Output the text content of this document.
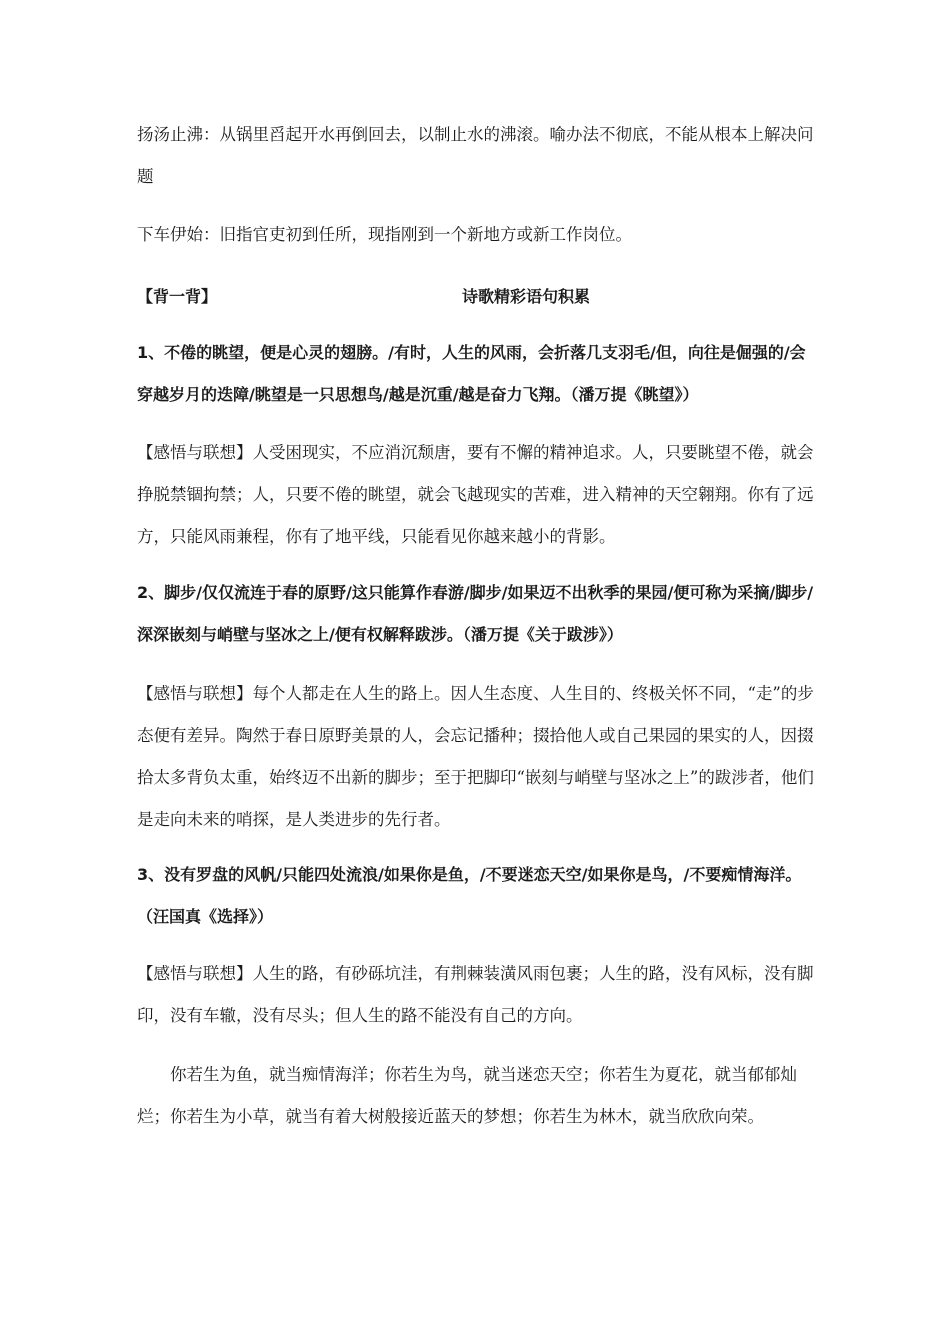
扬汤止沸：从锅里舀起开水再倒回去，以制止水的沸滚。喻办法不彻底，不能从根本上解决问题

下车伊始：旧指官吏初到任所，现指刚到一个新地方或新工作岗位。

【背一背】	诗歌精彩语句积累

1、不倦的眺望，便是心灵的翅膀。/有时，人生的风雨，会折落几支羽毛/但，向往是倔强的/会穿越岁月的迭障/眺望是一只思想鸟/越是沉重/越是奋力飞翔。（潘万提《眺望》）

【感悟与联想】人受困现实，不应消沉颓唐，要有不懈的精神追求。人，只要眺望不倦，就会挣脱禁锢拘禁；人，只要不倦的眺望，就会飞越现实的苦难，进入精神的天空翱翔。你有了远方，只能风雨兼程，你有了地平线，只能看见你越来越小的背影。

2、脚步/仅仅流连于春的原野/这只能算作春游/脚步/如果迈不出秋季的果园/便可称为采摘/脚步/深深嵌刻与峭壁与坚冰之上/便有权解释跋涉。（潘万提《关于跋涉》）

【感悟与联想】每个人都走在人生的路上。因人生态度、人生目的、终极关怀不同，“走”的步态便有差异。陶然于春日原野美景的人，会忘记播种；掇拾他人或自己果园的果实的人，因掇拾太多背负太重，始终迈不出新的脚步；至于把脚印“嵌刻与峭壁与坚冰之上”的跋涉者，他们是走向未来的哨探，是人类进步的先行者。

3、没有罗盘的风帆/只能四处流浪/如果你是鱼，/不要迷恋天空/如果你是鸟，/不要痴情海洋。（汪国真《选择》）

【感悟与联想】人生的路，有砂砾坑洼，有荆棘装潢风雨包裹；人生的路，没有风标，没有脚印，没有车辙，没有尽头；但人生的路不能没有自己的方向。

你若生为鱼，就当痴情海洋；你若生为鸟，就当迷恋天空；你若生为夏花，就当郁郁灿烂；你若生为小草，就当有着大树般接近蓝天的梦想；你若生为林木，就当欣欣向荣。
